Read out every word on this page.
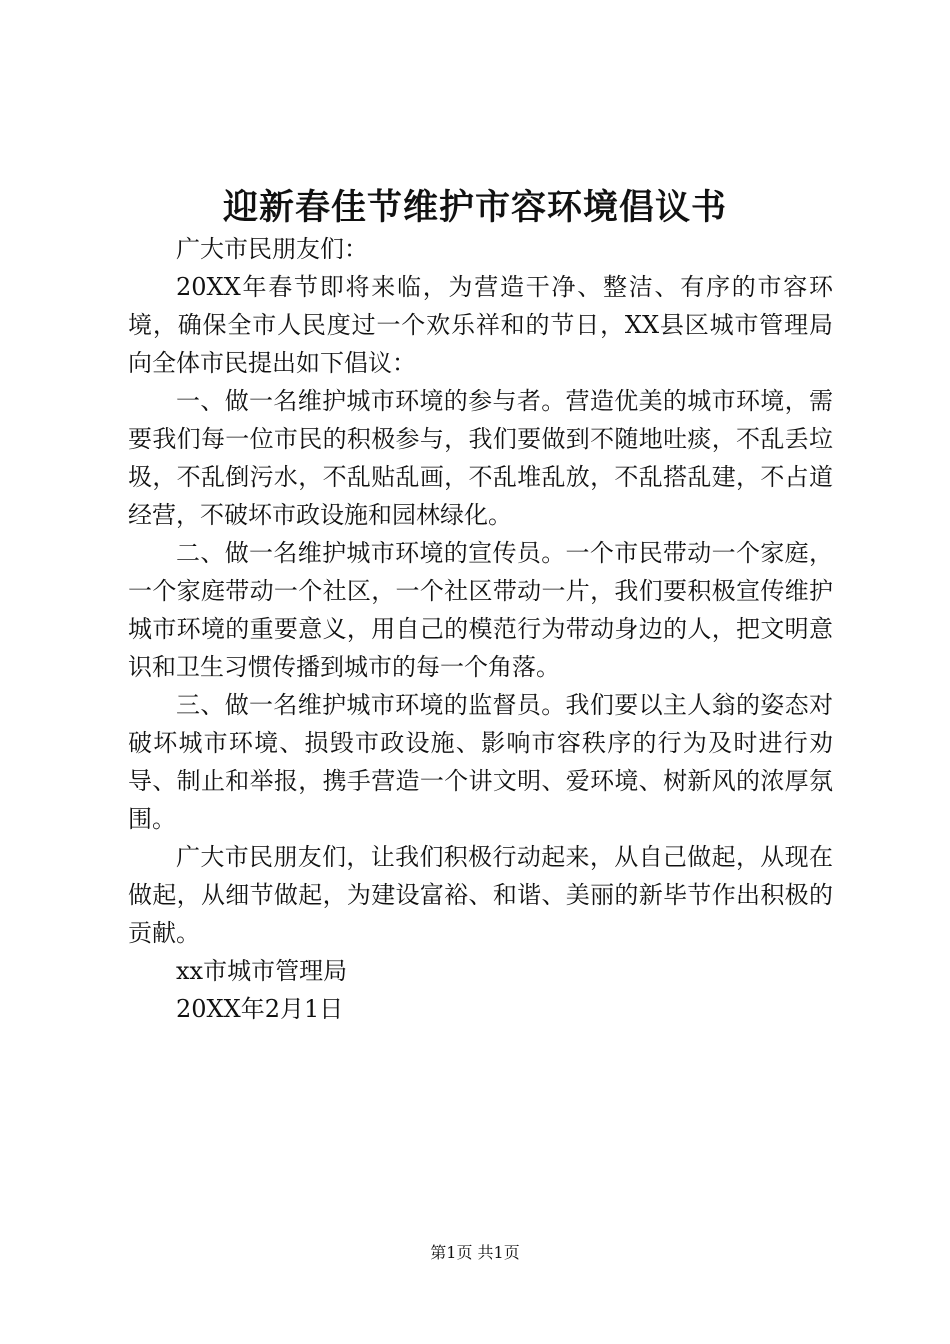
迎新春佳节维护市容环境倡议书

广大市民朋友们：

20XX年春节即将来临，为营造干净、整洁、有序的市容环境，确保全市人民度过一个欢乐祥和的节日，XX县区城市管理局向全体市民提出如下倡议：

一、做一名维护城市环境的参与者。营造优美的城市环境，需要我们每一位市民的积极参与，我们要做到不随地吐痰，不乱丢垃圾，不乱倒污水，不乱贴乱画，不乱堆乱放，不乱搭乱建，不占道经营，不破坏市政设施和园林绿化。

二、做一名维护城市环境的宣传员。一个市民带动一个家庭，一个家庭带动一个社区，一个社区带动一片，我们要积极宣传维护城市环境的重要意义，用自己的模范行为带动身边的人，把文明意识和卫生习惯传播到城市的每一个角落。

三、做一名维护城市环境的监督员。我们要以主人翁的姿态对破坏城市环境、损毁市政设施、影响市容秩序的行为及时进行劝导、制止和举报，携手营造一个讲文明、爱环境、树新风的浓厚氛围。

广大市民朋友们，让我们积极行动起来，从自己做起，从现在做起，从细节做起，为建设富裕、和谐、美丽的新毕节作出积极的贡献。

xx市城市管理局

20XX年2月1日

第1页 共1页
